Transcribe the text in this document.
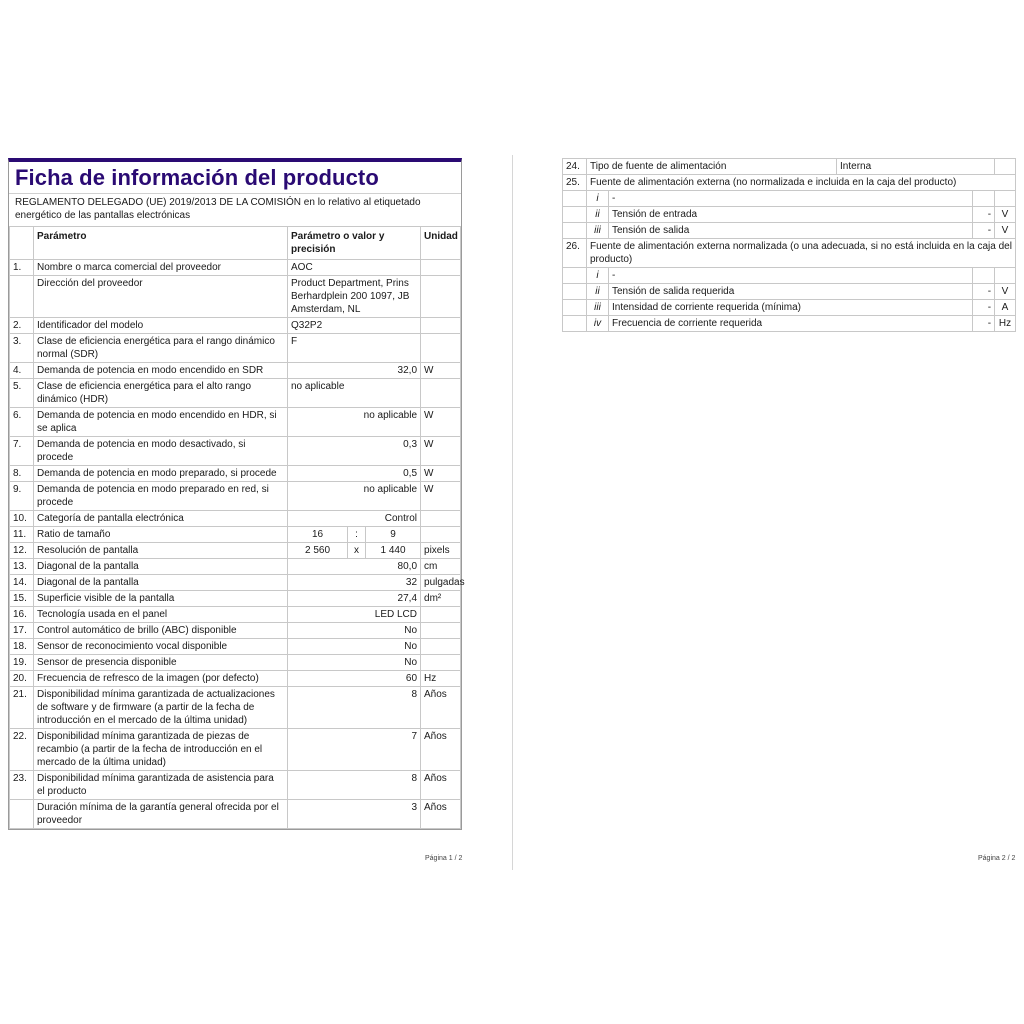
Ficha de información del producto
REGLAMENTO DELEGADO (UE) 2019/2013 DE LA COMISIÓN en lo relativo al etiquetado energético de las pantallas electrónicas
	Parámetro	Parámetro o valor y precisión			Unidad
1.	Nombre o marca comercial del proveedor	AOC			
	Dirección del proveedor	Product Department, Prins Berhardplein 200 1097, JB Amsterdam, NL			
2.	Identificador del modelo	Q32P2			
3.	Clase de eficiencia energética para el rango dinámico normal (SDR)	F			
4.	Demanda de potencia en modo encendido en SDR	32,0			W
5.	Clase de eficiencia energética para el alto rango dinámico (HDR)	no aplicable			
6.	Demanda de potencia en modo encendido en HDR, si se aplica	no aplicable			W
7.	Demanda de potencia en modo desactivado, si procede	0,3			W
8.	Demanda de potencia en modo preparado, si procede	0,5			W
9.	Demanda de potencia en modo preparado en red, si procede	no aplicable			W
10.	Categoría de pantalla electrónica	Control			
11.	Ratio de tamaño	16	:	9	
12.	Resolución de pantalla	2 560	x	1 440	pixels
13.	Diagonal de la pantalla	80,0			cm
14.	Diagonal de la pantalla	32			pulgadas
15.	Superficie visible de la pantalla	27,4			dm²
16.	Tecnología usada en el panel	LED LCD			
17.	Control automático de brillo (ABC) disponible	No			
18.	Sensor de reconocimiento vocal disponible	No			
19.	Sensor de presencia disponible	No			
20.	Frecuencia de refresco de la imagen (por defecto)	60			Hz
21.	Disponibilidad mínima garantizada de actualizaciones de software y de firmware (a partir de la fecha de introducción en el mercado de la última unidad)	8			Años
22.	Disponibilidad mínima garantizada de piezas de recambio (a partir de la fecha de introducción en el mercado de la última unidad)	7			Años
23.	Disponibilidad mínima garantizada de asistencia para el producto	8			Años
	Duración mínima de la garantía general ofrecida por el proveedor	3			Años
Página 1 / 2
24.	Tipo de fuente de alimentación		Interna		
25.	Fuente de alimentación externa (no normalizada e incluida en la caja del producto)				
	i	-			
	ii	Tensión de entrada		-	V
	iii	Tensión de salida		-	V
26.	Fuente de alimentación externa normalizada (o una adecuada, si no está incluida en la caja del producto)				
	i	-			
	ii	Tensión de salida requerida		-	V
	iii	Intensidad de corriente requerida (mínima)		-	A
	iv	Frecuencia de corriente requerida		-	Hz
Página 2 / 2
